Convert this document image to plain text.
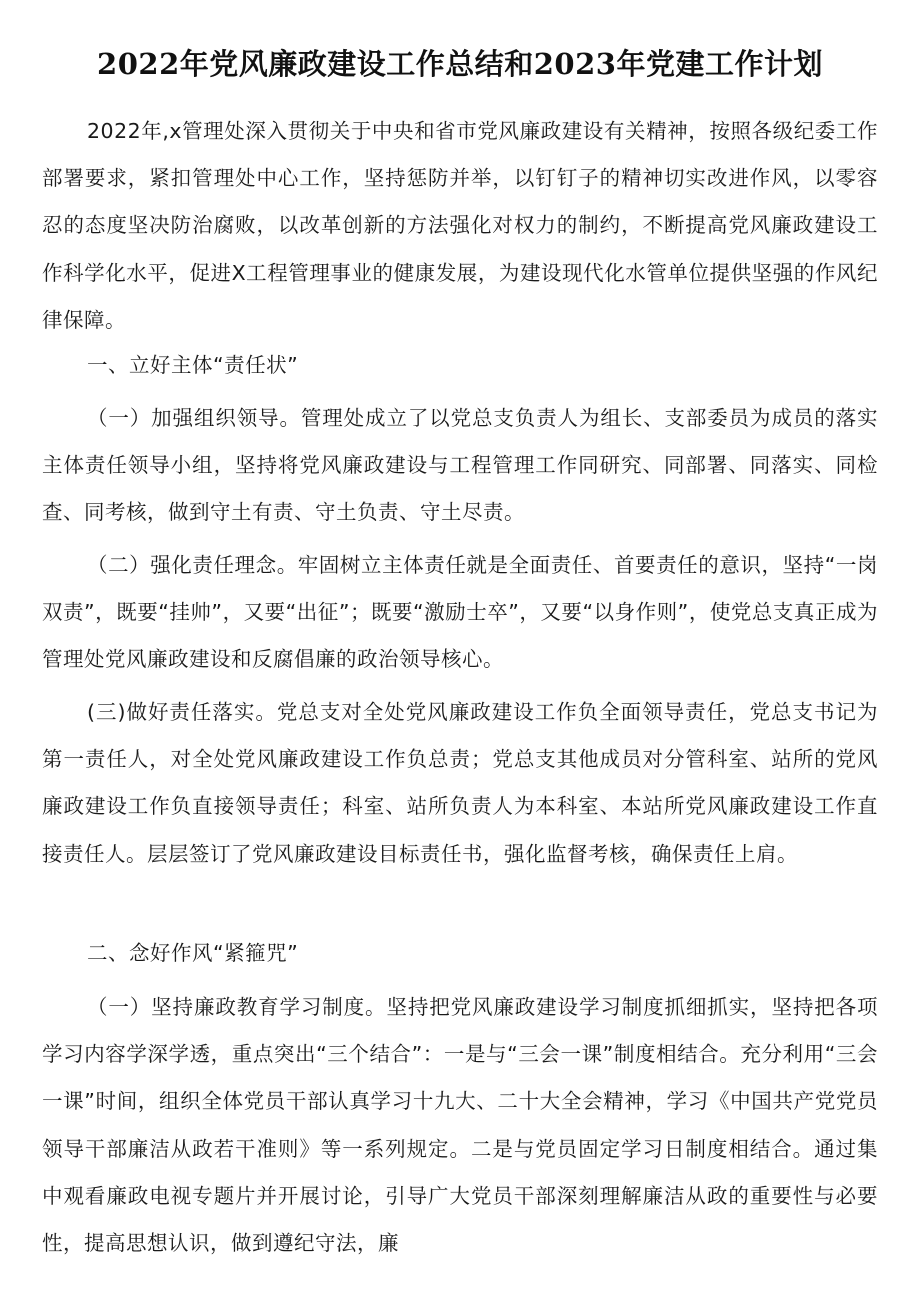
2022年党风廉政建设工作总结和2023年党建工作计划

2022年,x管理处深入贯彻关于中央和省市党风廉政建设有关精神，按照各级纪委工作部署要求，紧扣管理处中心工作，坚持惩防并举，以钉钉子的精神切实改进作风，以零容忍的态度坚决防治腐败，以改革创新的方法强化对权力的制约，不断提高党风廉政建设工作科学化水平，促进X工程管理事业的健康发展，为建设现代化水管单位提供坚强的作风纪律保障。

一、立好主体“责任状”

（一）加强组织领导。管理处成立了以党总支负责人为组长、支部委员为成员的落实主体责任领导小组，坚持将党风廉政建设与工程管理工作同研究、同部署、同落实、同检查、同考核，做到守土有责、守土负责、守土尽责。

（二）强化责任理念。牢固树立主体责任就是全面责任、首要责任的意识，坚持“一岗双责”，既要“挂帅”，又要“出征”；既要“激励士卒”，又要“以身作则”，使党总支真正成为管理处党风廉政建设和反腐倡廉的政治领导核心。

(三)做好责任落实。党总支对全处党风廉政建设工作负全面领导责任，党总支书记为第一责任人，对全处党风廉政建设工作负总责；党总支其他成员对分管科室、站所的党风廉政建设工作负直接领导责任；科室、站所负责人为本科室、本站所党风廉政建设工作直接责任人。层层签订了党风廉政建设目标责任书，强化监督考核，确保责任上肩。

二、念好作风“紧箍咒”

（一）坚持廉政教育学习制度。坚持把党风廉政建设学习制度抓细抓实，坚持把各项学习内容学深学透，重点突出“三个结合”：一是与“三会一课”制度相结合。充分利用“三会一课”时间，组织全体党员干部认真学习十九大、二十大全会精神，学习《中国共产党党员领导干部廉洁从政若干准则》等一系列规定。二是与党员固定学习日制度相结合。通过集中观看廉政电视专题片并开展讨论，引导广大党员干部深刻理解廉洁从政的重要性与必要性，提高思想认识，做到遵纪守法，廉
